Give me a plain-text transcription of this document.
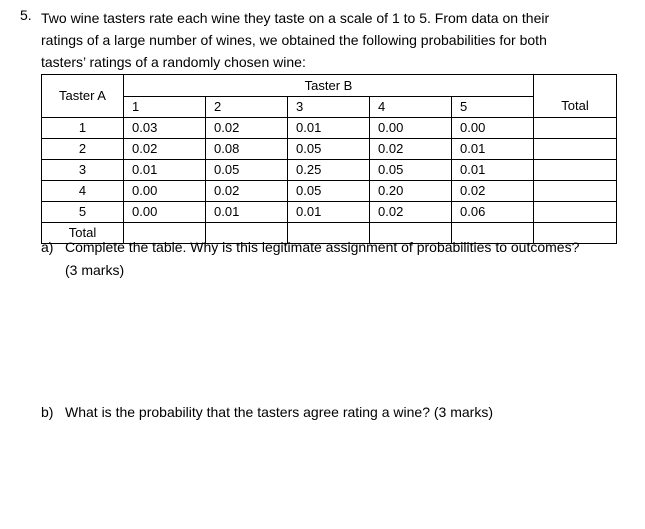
5. Two wine tasters rate each wine they taste on a scale of 1 to 5. From data on their
ratings of a large number of wines, we obtained the following probabilities for both
tasters’ ratings of a randomly chosen wine:
Taster A	Taster B					Total
	1	2	3	4	5	
1	0.03	0.02	0.01	0.00	0.00	
2	0.02	0.08	0.05	0.02	0.01	
3	0.01	0.05	0.25	0.05	0.01	
4	0.00	0.02	0.05	0.20	0.02	
5	0.00	0.01	0.01	0.02	0.06	
Total						
a) Complete the table. Why is this legitimate assignment of probabilities to outcomes?
(3 marks)
b) What is the probability that the tasters agree rating a wine? (3 marks)
